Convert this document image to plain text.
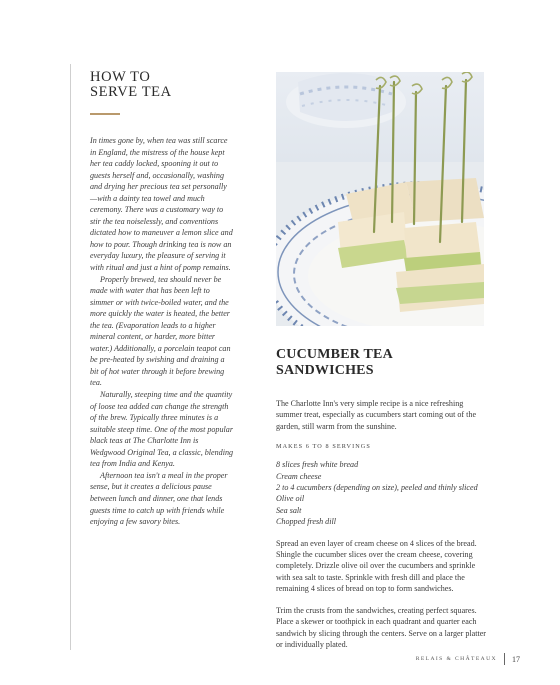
HOW TO
SERVE TEA

In times gone by, when tea was still scarce in England, the mistress of the house kept her tea caddy locked, spooning it out to guests herself and, occasionally, washing and drying her precious tea set personally—with a dainty tea towel and much ceremony. There was a customary way to stir the tea noiselessly, and conventions dictated how to maneuver a lemon slice and how to pour. Though drinking tea is now an everyday luxury, the pleasure of serving it with ritual and just a hint of pomp remains.

Properly brewed, tea should never be made with water that has been left to simmer or with twice-boiled water, and the more quickly the water is heated, the better the tea. (Evaporation leads to a higher mineral content, or harder, more bitter water.) Additionally, a porcelain teapot can be pre-heated by swishing and draining a bit of hot water through it before brewing tea.

Naturally, steeping time and the quantity of loose tea added can change the strength of the brew. Typically three minutes is a suitable steep time. One of the most popular black teas at The Charlotte Inn is Wedgwood Original Tea, a classic, blending tea from India and Kenya.

Afternoon tea isn't a meal in the proper sense, but it creates a delicious pause between lunch and dinner, one that lends guests time to catch up with friends while enjoying a few savory bites.

CUCUMBER TEA SANDWICHES

The Charlotte Inn's very simple recipe is a nice refreshing summer treat, especially as cucumbers start coming out of the garden, still warm from the sunshine.

MAKES 6 TO 8 SERVINGS
8 slices fresh white bread
Cream cheese
2 to 4 cucumbers (depending on size), peeled and thinly sliced
Olive oil
Sea salt
Chopped fresh dill

Spread an even layer of cream cheese on 4 slices of the bread. Shingle the cucumber slices over the cream cheese, covering completely. Drizzle olive oil over the cucumbers and sprinkle with sea salt to taste. Sprinkle with fresh dill and place the remaining 4 slices of bread on top to form sandwiches.

Trim the crusts from the sandwiches, creating perfect squares. Place a skewer or toothpick in each quadrant and quarter each sandwich by slicing through the centers. Serve on a larger platter or individually plated.

RELAIS & CHÂTEAUX 17
